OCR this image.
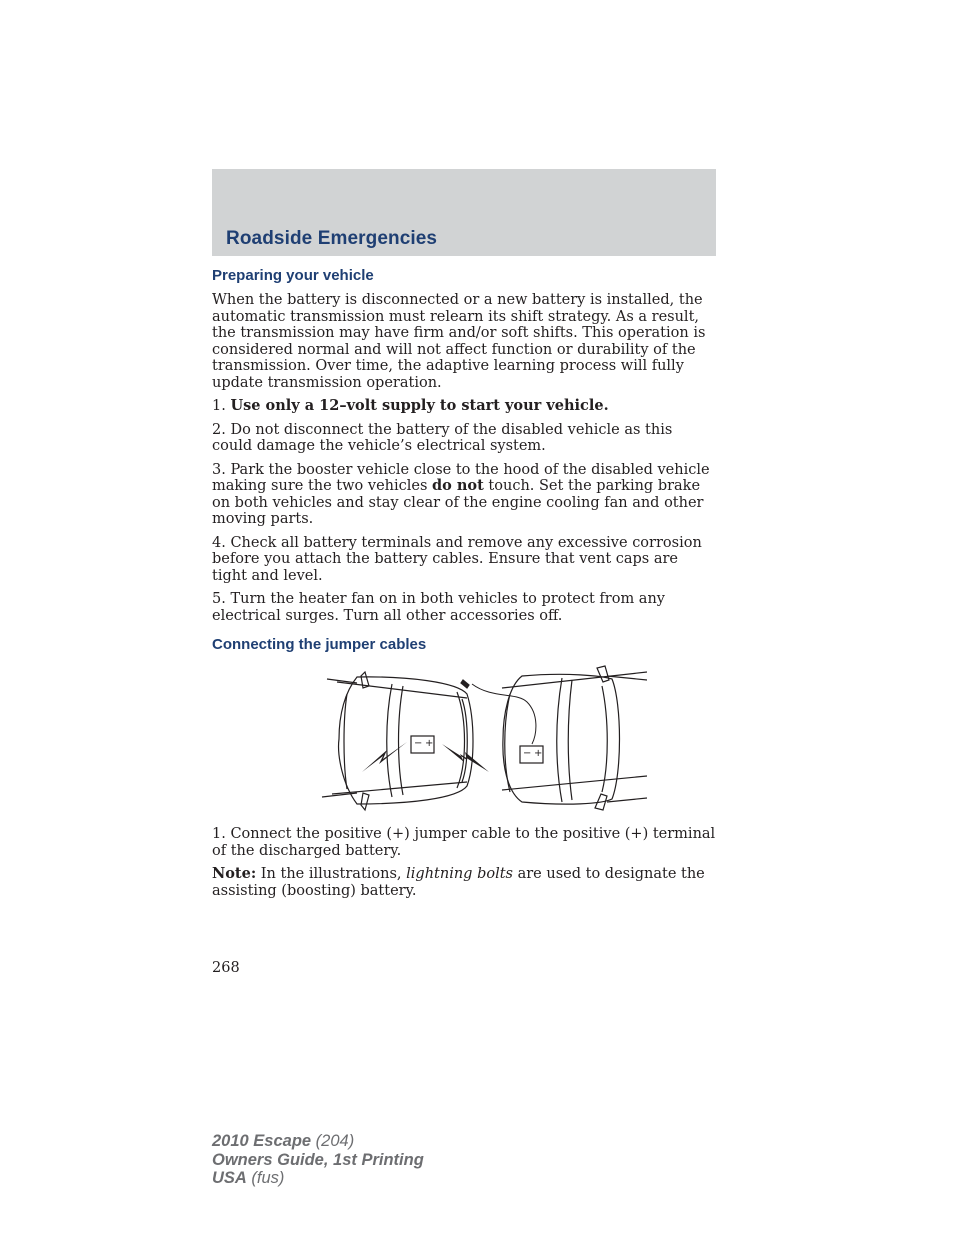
Roadside Emergencies
Preparing your vehicle

When the battery is disconnected or a new battery is installed, the automatic transmission must relearn its shift strategy. As a result, the transmission may have firm and/or soft shifts. This operation is considered normal and will not affect function or durability of the transmission. Over time, the adaptive learning process will fully update transmission operation.

1. Use only a 12–volt supply to start your vehicle.

2. Do not disconnect the battery of the disabled vehicle as this could damage the vehicle’s electrical system.

3. Park the booster vehicle close to the hood of the disabled vehicle making sure the two vehicles do not touch. Set the parking brake on both vehicles and stay clear of the engine cooling fan and other moving parts.

4. Check all battery terminals and remove any excessive corrosion before you attach the battery cables. Ensure that vent caps are tight and level.

5. Turn the heater fan on in both vehicles to protect from any electrical surges. Turn all other accessories off.

Connecting the jumper cables
− +
− +

1. Connect the positive (+) jumper cable to the positive (+) terminal of the discharged battery.

Note: In the illustrations, lightning bolts are used to designate the assisting (boosting) battery.

268
2010 Escape (204)
Owners Guide, 1st Printing
USA (fus)
